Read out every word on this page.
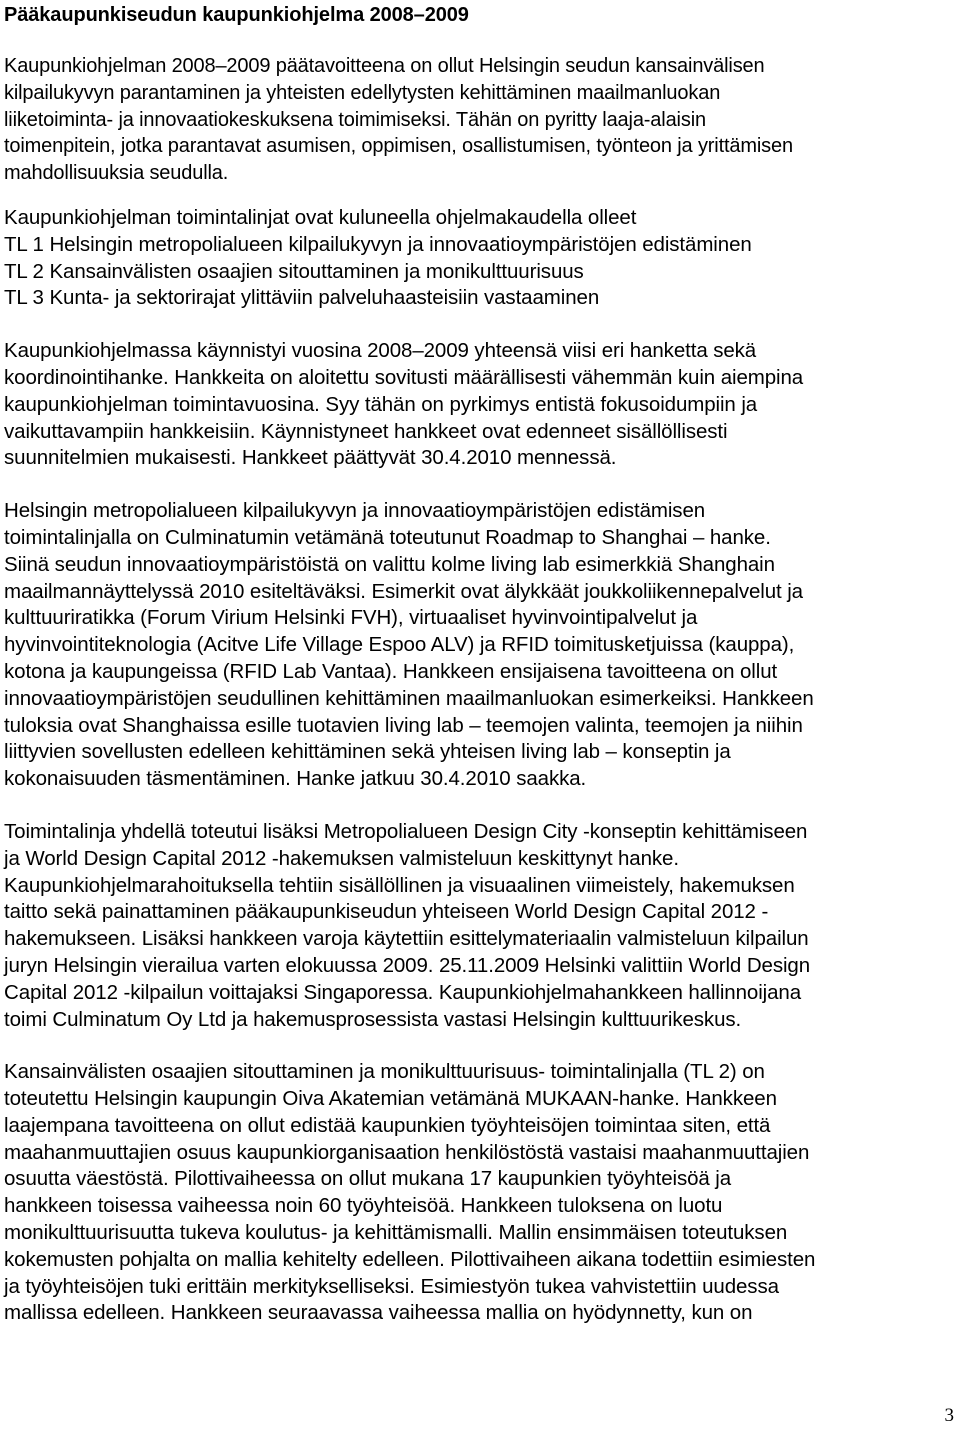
Pääkaupunkiseudun kaupunkiohjelma 2008–2009

Kaupunkiohjelman 2008–2009 päätavoitteena on ollut Helsingin seudun kansainvälisen
kilpailukyvyn parantaminen ja yhteisten edellytysten kehittäminen maailmanluokan
liiketoiminta- ja innovaatiokeskuksena toimimiseksi. Tähän on pyritty laaja-alaisin
toimenpitein, jotka parantavat asumisen, oppimisen, osallistumisen, työnteon ja yrittämisen
mahdollisuuksia seudulla.

Kaupunkiohjelman toimintalinjat ovat kuluneella ohjelmakaudella olleet
TL 1 Helsingin metropolialueen kilpailukyvyn ja innovaatioympäristöjen edistäminen
TL 2 Kansainvälisten osaajien sitouttaminen ja monikulttuurisuus
TL 3 Kunta- ja sektorirajat ylittäviin palveluhaasteisiin vastaaminen

Kaupunkiohjelmassa käynnistyi vuosina 2008–2009 yhteensä viisi eri hanketta sekä
koordinointihanke. Hankkeita on aloitettu sovitusti määrällisesti vähemmän kuin aiempina
kaupunkiohjelman toimintavuosina. Syy tähän on pyrkimys entistä fokusoidumpiin ja
vaikuttavampiin hankkeisiin. Käynnistyneet hankkeet ovat edenneet sisällöllisesti
suunnitelmien mukaisesti. Hankkeet päättyvät 30.4.2010 mennessä.

Helsingin metropolialueen kilpailukyvyn ja innovaatioympäristöjen edistämisen
toimintalinjalla on Culminatumin vetämänä toteutunut Roadmap to Shanghai – hanke.
Siinä seudun innovaatioympäristöistä on valittu kolme living lab esimerkkiä Shanghain
maailmannäyttelyssä 2010 esiteltäväksi. Esimerkit ovat älykkäät joukkoliikennepalvelut ja
kulttuuriratikka (Forum Virium Helsinki FVH), virtuaaliset hyvinvointipalvelut ja
hyvinvointiteknologia (Acitve Life Village Espoo ALV) ja RFID toimitusketjuissa (kauppa),
kotona ja kaupungeissa (RFID Lab Vantaa). Hankkeen ensijaisena tavoitteena on ollut
innovaatioympäristöjen seudullinen kehittäminen maailmanluokan esimerkeiksi. Hankkeen
tuloksia ovat Shanghaissa esille tuotavien living lab – teemojen valinta, teemojen ja niihin
liittyvien sovellusten edelleen kehittäminen sekä yhteisen living lab – konseptin ja
kokonaisuuden täsmentäminen. Hanke jatkuu 30.4.2010 saakka.

Toimintalinja yhdellä toteutui lisäksi Metropolialueen Design City -konseptin kehittämiseen
ja World Design Capital 2012 -hakemuksen valmisteluun keskittynyt hanke.
Kaupunkiohjelmarahoituksella tehtiin sisällöllinen ja visuaalinen viimeistely, hakemuksen
taitto sekä painattaminen pääkaupunkiseudun yhteiseen World Design Capital 2012 -
hakemukseen. Lisäksi hankkeen varoja käytettiin esittelymateriaalin valmisteluun kilpailun
juryn Helsingin vierailua varten elokuussa 2009. 25.11.2009 Helsinki valittiin World Design
Capital 2012 -kilpailun voittajaksi Singaporessa. Kaupunkiohjelmahankkeen hallinnoijana
toimi Culminatum Oy Ltd ja hakemusprosessista vastasi Helsingin kulttuurikeskus.

Kansainvälisten osaajien sitouttaminen ja monikulttuurisuus- toimintalinjalla (TL 2) on
toteutettu Helsingin kaupungin Oiva Akatemian vetämänä MUKAAN-hanke. Hankkeen
laajempana tavoitteena on ollut edistää kaupunkien työyhteisöjen toimintaa siten, että
maahanmuuttajien osuus kaupunkiorganisaation henkilöstöstä vastaisi maahanmuuttajien
osuutta väestöstä. Pilottivaiheessa on ollut mukana 17 kaupunkien työyhteisöä ja
hankkeen toisessa vaiheessa noin 60 työyhteisöä. Hankkeen tuloksena on luotu
monikulttuurisuutta tukeva koulutus- ja kehittämismalli. Mallin ensimmäisen toteutuksen
kokemusten pohjalta on mallia kehitelty edelleen. Pilottivaiheen aikana todettiin esimiesten
ja työyhteisöjen tuki erittäin merkitykselliseksi. Esimiestyön tukea vahvistettiin uudessa
mallissa edelleen. Hankkeen seuraavassa vaiheessa mallia on hyödynnetty, kun on

3
